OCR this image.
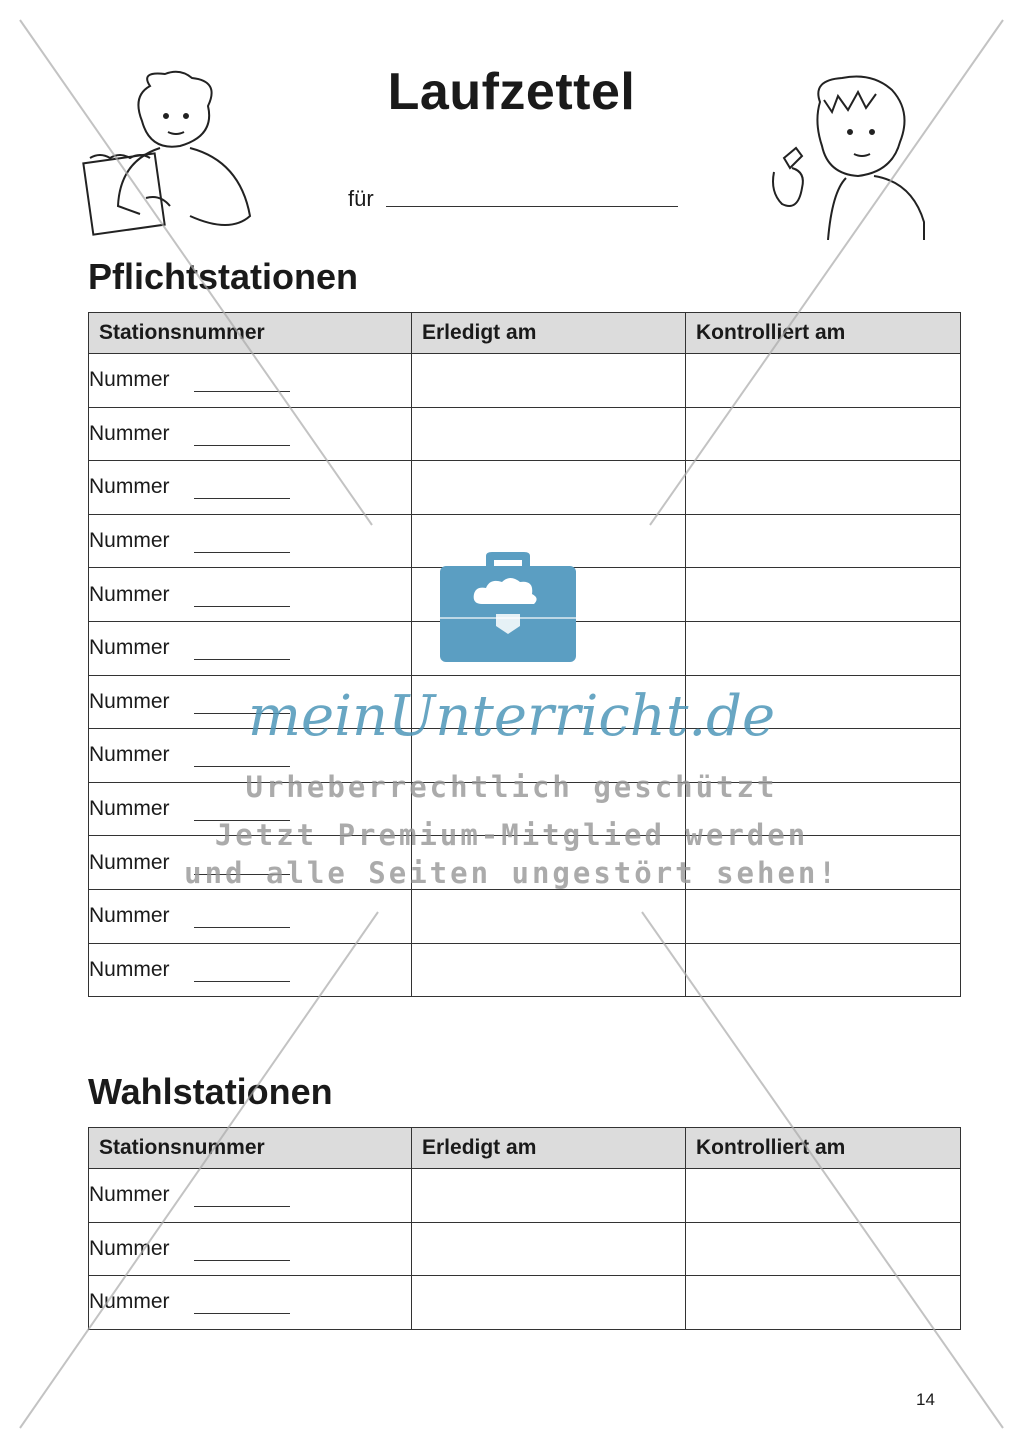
Laufzettel
für
Pflichtstationen
Stationsnummer	Erledigt am	Kontrolliert am
Nummer		
Nummer		
Nummer		
Nummer		
Nummer		
Nummer		
Nummer		
Nummer		
Nummer		
Nummer		
Nummer		
Nummer		
Wahlstationen
Stationsnummer	Erledigt am	Kontrolliert am
Nummer		
Nummer		
Nummer		
meinUnterricht.de
Urheberrechtlich geschützt
Jetzt Premium-Mitglied werden
und alle Seiten ungestört sehen!
14
